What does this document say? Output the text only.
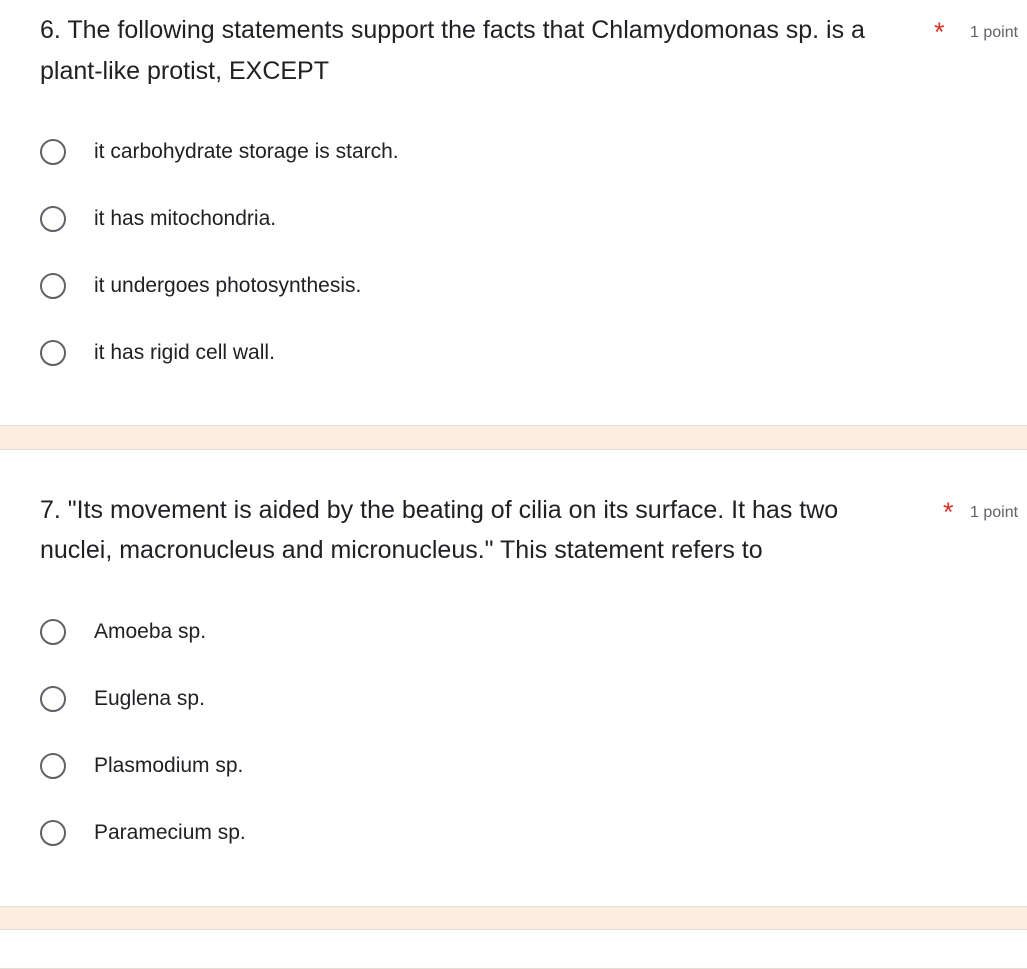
6. The following statements support the facts that Chlamydomonas sp. is a	* 1 point
plant-like protist, EXCEPT
it carbohydrate storage is starch.
it has mitochondria.
it undergoes photosynthesis.
it has rigid cell wall.
7. "Its movement is aided by the beating of cilia on its surface. It has two	* 1 point
nuclei, macronucleus and micronucleus." This statement refers to
Amoeba sp.
Euglena sp.
Plasmodium sp.
Paramecium sp.
